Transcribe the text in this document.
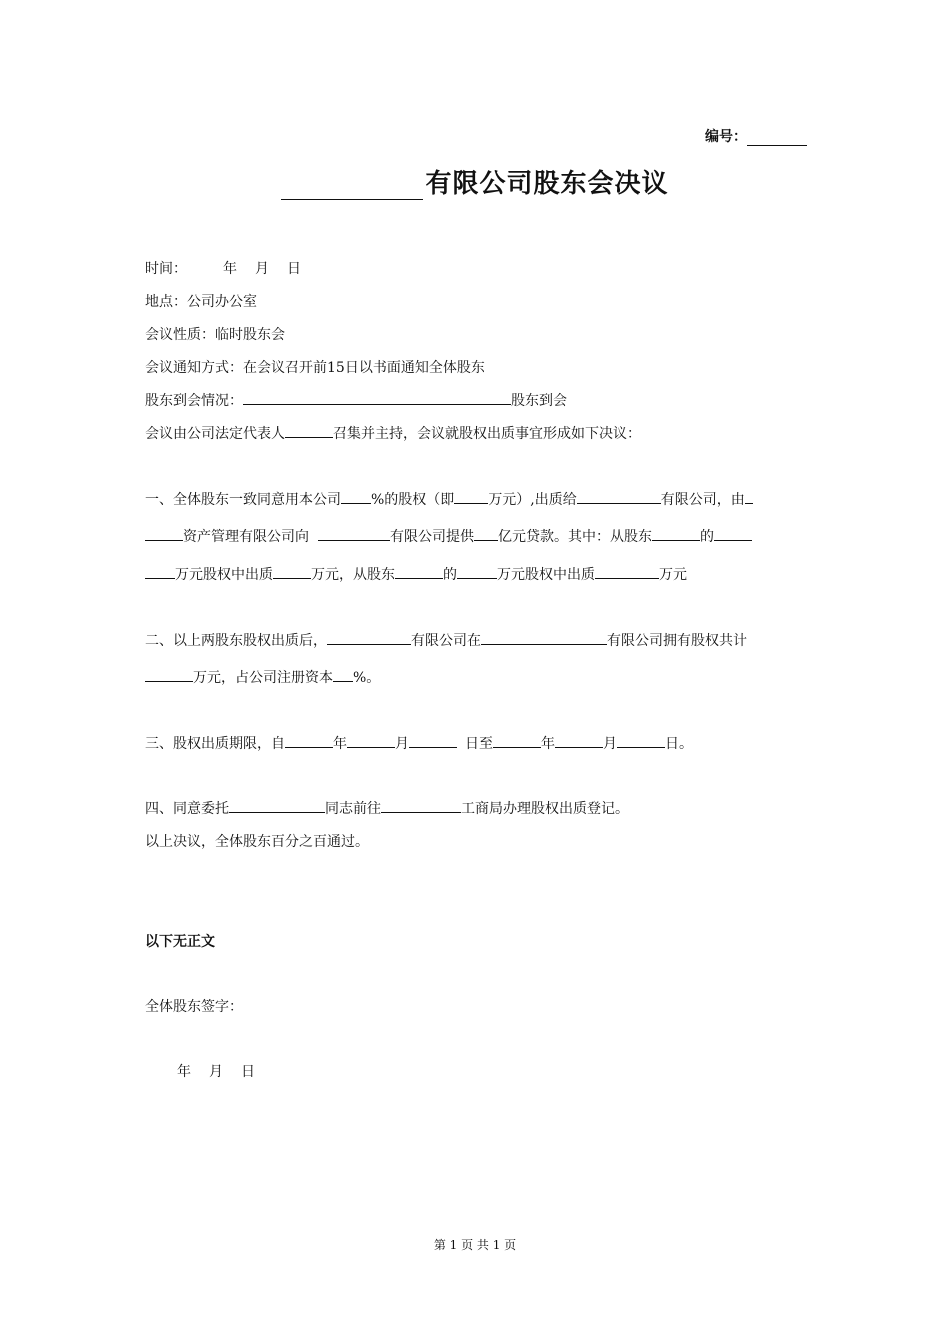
编号：
有限公司股东会决议
时间：	年 月 日
地点：公司办公室
会议性质：临时股东会
会议通知方式：在会议召开前15日以书面通知全体股东
股东到会情况：	股东到会
会议由公司法定代表人	召集并主持，会议就股权出质事宜形成如下决议：
一、全体股东一致同意用本公司 %的股权（即 万元）,出质给	有限公司，由
资产管理有限公司向	有限公司提供 亿元贷款。其中：从股东	的
万元股权中出质	万元，从股东	的	万元股权中出质	万元
二、以上两股东股权出质后，	有限公司在	有限公司拥有股权共计
万元，占公司注册资本 %。
三、股权出质期限，自	年	月	日至	年	月	日。
四、同意委托	同志前往	工商局办理股权出质登记。
以上决议，全体股东百分之百通过。
以下无正文
全体股东签字：
年 月 日
第 1 页 共 1 页
